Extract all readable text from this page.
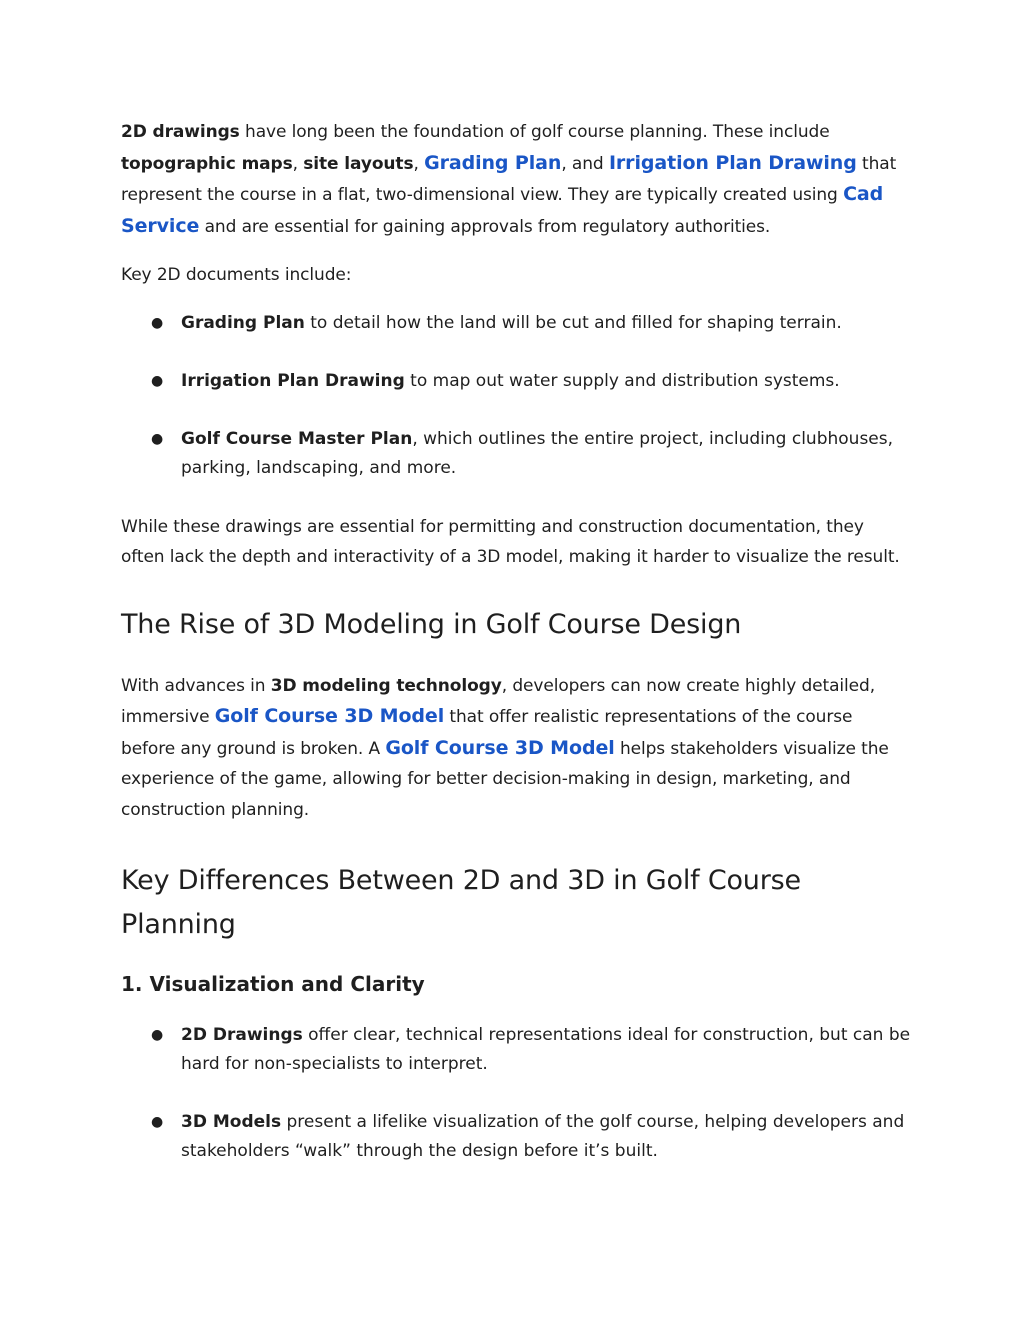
2D drawings have long been the foundation of golf course planning. These include topographic maps, site layouts, Grading Plan, and Irrigation Plan Drawing that represent the course in a flat, two-dimensional view. They are typically created using Cad Service and are essential for gaining approvals from regulatory authorities.

Key 2D documents include:

● Grading Plan to detail how the land will be cut and filled for shaping terrain.
● Irrigation Plan Drawing to map out water supply and distribution systems.
● Golf Course Master Plan, which outlines the entire project, including clubhouses, parking, landscaping, and more.

While these drawings are essential for permitting and construction documentation, they often lack the depth and interactivity of a 3D model, making it harder to visualize the result.

The Rise of 3D Modeling in Golf Course Design

With advances in 3D modeling technology, developers can now create highly detailed, immersive Golf Course 3D Model that offer realistic representations of the course before any ground is broken. A Golf Course 3D Model helps stakeholders visualize the experience of the game, allowing for better decision-making in design, marketing, and construction planning.

Key Differences Between 2D and 3D in Golf Course Planning
1. Visualization and Clarity
● 2D Drawings offer clear, technical representations ideal for construction, but can be hard for non-specialists to interpret.
● 3D Models present a lifelike visualization of the golf course, helping developers and stakeholders “walk” through the design before it’s built.
